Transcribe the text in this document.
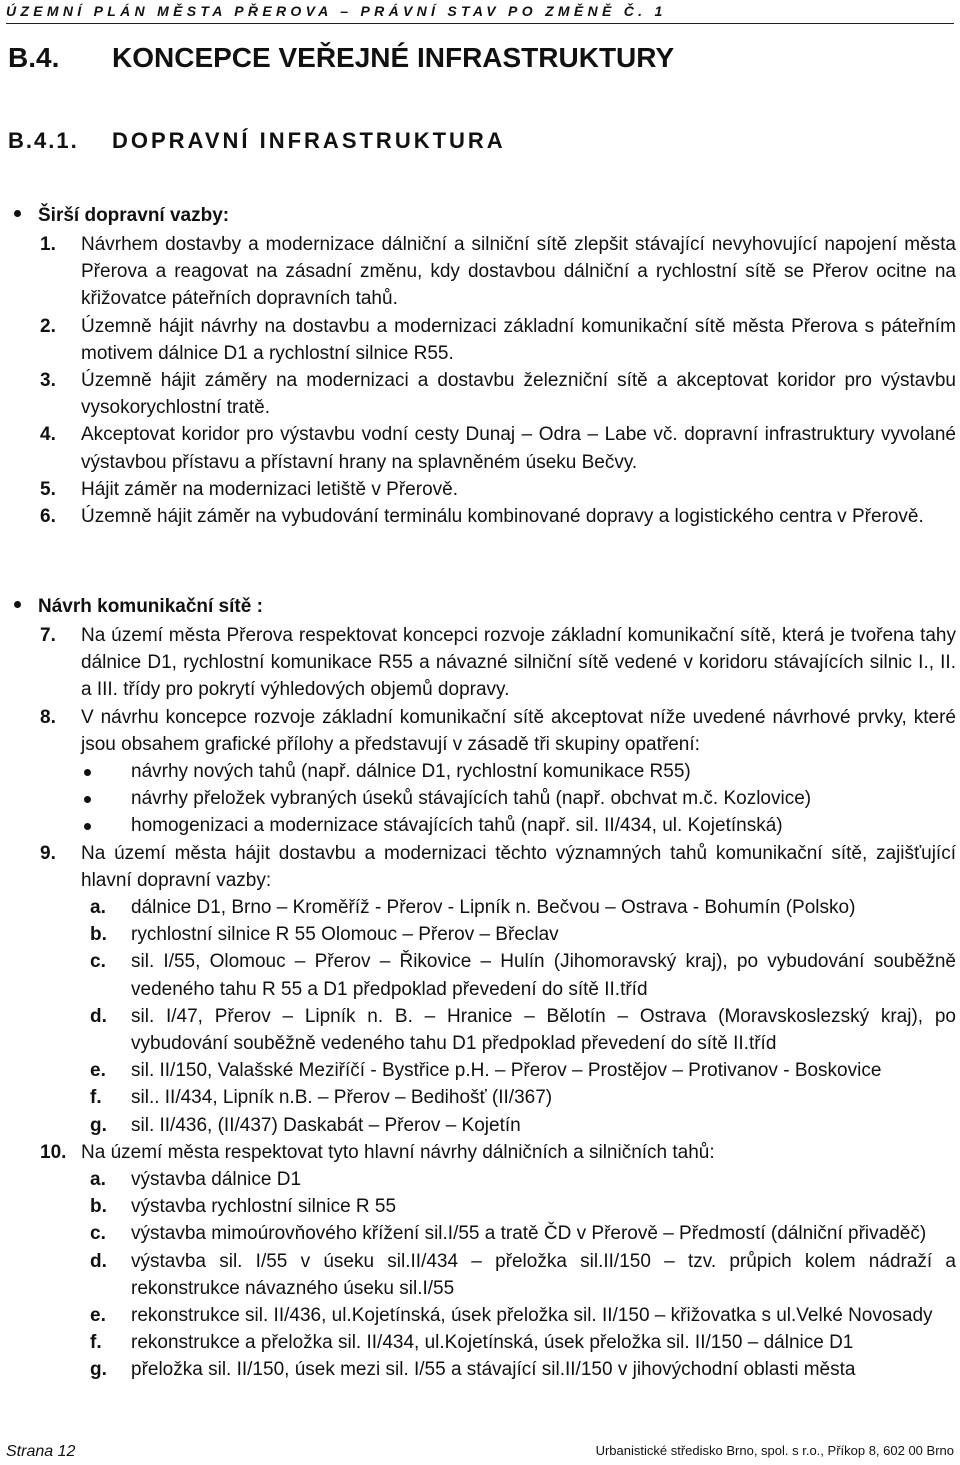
ÚZEMNÍ PLÁN MĚSTA PŘEROVA – PRÁVNÍ STAV PO ZMĚNĚ Č. 1
B.4. KONCEPCE VEŘEJNÉ INFRASTRUKTURY
B.4.1. DOPRAVNÍ INFRASTRUKTURA
Širší dopravní vazby:
1.	Návrhem dostavby a modernizace dálniční a silniční sítě zlepšit stávající nevyhovující napojení města Přerova a reagovat na zásadní změnu, kdy dostavbou dálniční a rychlostní sítě se Přerov ocitne na křižovatce páteřních dopravních tahů.
2.	Územně hájit návrhy na dostavbu a modernizaci základní komunikační sítě města Přerova s páteřním motivem dálnice D1 a rychlostní silnice R55.
3.	Územně hájit záměry na modernizaci a dostavbu železniční sítě a akceptovat koridor pro výstavbu vysokorychlostní tratě.
4.	Akceptovat koridor pro výstavbu vodní cesty Dunaj – Odra – Labe vč. dopravní infrastruktury vyvolané výstavbou přístavu a přístavní hrany na splavněném úseku Bečvy.
5.	Hájit záměr na modernizaci letiště v Přerově.
6.	Územně hájit záměr na vybudování terminálu kombinované dopravy a logistického centra v Přerově.
Návrh komunikační sítě :
7.	Na území města Přerova respektovat koncepci rozvoje základní komunikační sítě, která je tvořena tahy dálnice D1, rychlostní komunikace R55 a návazné silniční sítě vedené v koridoru stávajících silnic I., II. a III. třídy pro pokrytí výhledových objemů dopravy.
8.	V návrhu koncepce rozvoje základní komunikační sítě akceptovat níže uvedené návrhové prvky, které jsou obsahem grafické přílohy a představují v zásadě tři skupiny opatření:
návrhy nových tahů (např. dálnice D1, rychlostní komunikace R55)
návrhy přeložek vybraných úseků stávajících tahů (např. obchvat m.č. Kozlovice)
homogenizaci a modernizace stávajících tahů (např. sil. II/434, ul. Kojetínská)
9.	Na území města hájit dostavbu a modernizaci těchto významných tahů komunikační sítě, zajišťující hlavní dopravní vazby:
a.	dálnice D1, Brno – Kroměříž - Přerov - Lipník n. Bečvou – Ostrava - Bohumín (Polsko)
b.	rychlostní silnice R 55 Olomouc – Přerov – Břeclav
c.	sil. I/55, Olomouc – Přerov – Řikovice – Hulín (Jihomoravský kraj), po vybudování souběžně vedeného tahu R 55 a D1 předpoklad převedení do sítě II.tříd
d.	sil. I/47, Přerov – Lipník n. B. – Hranice – Bělotín – Ostrava (Moravskoslezský kraj), po vybudování souběžně vedeného tahu D1 předpoklad převedení do sítě II.tříd
e.	sil. II/150, Valašské Meziříčí - Bystřice p.H. – Přerov – Prostějov – Protivanov - Boskovice
f.	sil.. II/434, Lipník n.B. – Přerov – Bedihošť (II/367)
g.	sil. II/436, (II/437) Daskabát – Přerov – Kojetín
10. Na území města respektovat tyto hlavní návrhy dálničních a silničních tahů:
a.	výstavba dálnice D1
b.	výstavba rychlostní silnice R 55
c.	výstavba mimoúrovňového křížení sil.I/55 a tratě ČD v Přerově – Předmostí (dálniční přivaděč)
d.	výstavba sil. I/55 v úseku sil.II/434 – přeložka sil.II/150 – tzv. průpich kolem nádraží a rekonstrukce návazného úseku sil.I/55
e.	rekonstrukce sil. II/436, ul.Kojetínská, úsek přeložka sil. II/150 – křižovatka s ul.Velké Novosady
f.	rekonstrukce a přeložka sil. II/434, ul.Kojetínská, úsek přeložka sil. II/150 – dálnice D1
g.	přeložka sil. II/150, úsek mezi sil. I/55 a stávající sil.II/150 v jihovýchodní oblasti města
Strana 12	Urbanistické středisko Brno, spol. s r.o., Příkop 8, 602 00 Brno
